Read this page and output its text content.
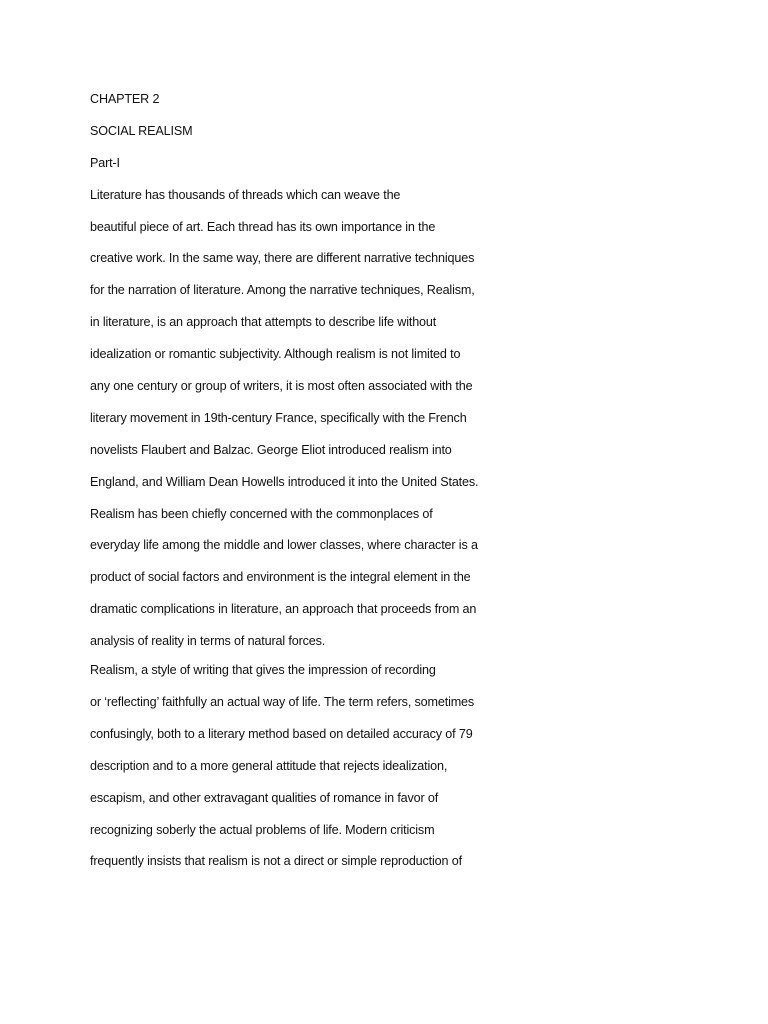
CHAPTER 2
SOCIAL REALISM
Part-I
Literature has thousands of threads which can weave the
beautiful piece of art. Each thread has its own importance in the
creative work. In the same way, there are different narrative techniques
for the narration of literature. Among the narrative techniques, Realism,
in literature, is an approach that attempts to describe life without
idealization or romantic subjectivity. Although realism is not limited to
any one century or group of writers, it is most often associated with the
literary movement in 19th-century France, specifically with the French
novelists Flaubert and Balzac. George Eliot introduced realism into
England, and William Dean Howells introduced it into the United States.
Realism has been chiefly concerned with the commonplaces of
everyday life among the middle and lower classes, where character is a
product of social factors and environment is the integral element in the
dramatic complications in literature, an approach that proceeds from an
analysis of reality in terms of natural forces.
Realism, a style of writing that gives the impression of recording
or ‘reflecting’ faithfully an actual way of life. The term refers, sometimes
confusingly, both to a literary method based on detailed accuracy of 79
description and to a more general attitude that rejects idealization,
escapism, and other extravagant qualities of romance in favor of
recognizing soberly the actual problems of life. Modern criticism
frequently insists that realism is not a direct or simple reproduction of
